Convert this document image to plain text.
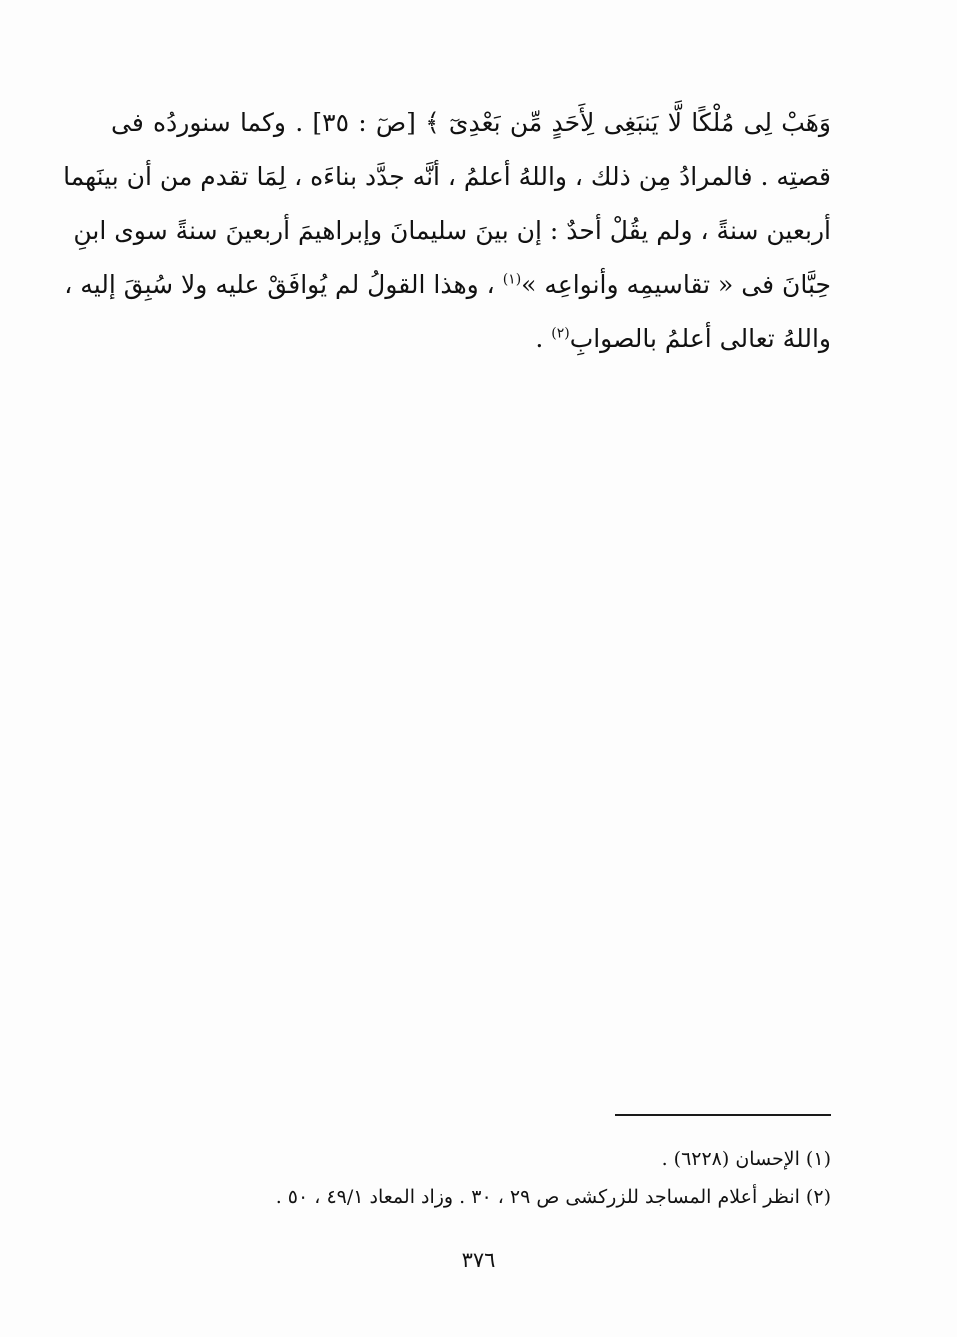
وَهَبْ لِى مُلْكًا لَّا يَنبَغِى لِأَحَدٍ مِّن بَعْدِىٓ ﴾ [صٓ : ٣٥] . وكما سنوردُه فى
قصتِه . فالمرادُ مِن ذلك ، واللهُ أعلمُ ، أنَّه جدَّد بناءَه ، لِمَا تقدم من أن بينَهما
أربعين سنةً ، ولم يقُلْ أحدٌ : إن بينَ سليمانَ وإبراهيمَ أربعينَ سنةً سوى ابنِ
حِبَّانَ فى « تقاسيمِه وأنواعِه »$^{(١)}$ ، وهذا القولُ لم يُوافَقْ عليه ولا سُبِقَ إليه ،
واللهُ تعالى أعلمُ بالصوابِ$^{(٢)}$ .
(١) الإحسان (٦٢٢٨) .
(٢) انظر أعلام المساجد للزركشى ص ٢٩ ، ٣٠ . وزاد المعاد ٤٩/١ ، ٥٠ .
٣٧٦
